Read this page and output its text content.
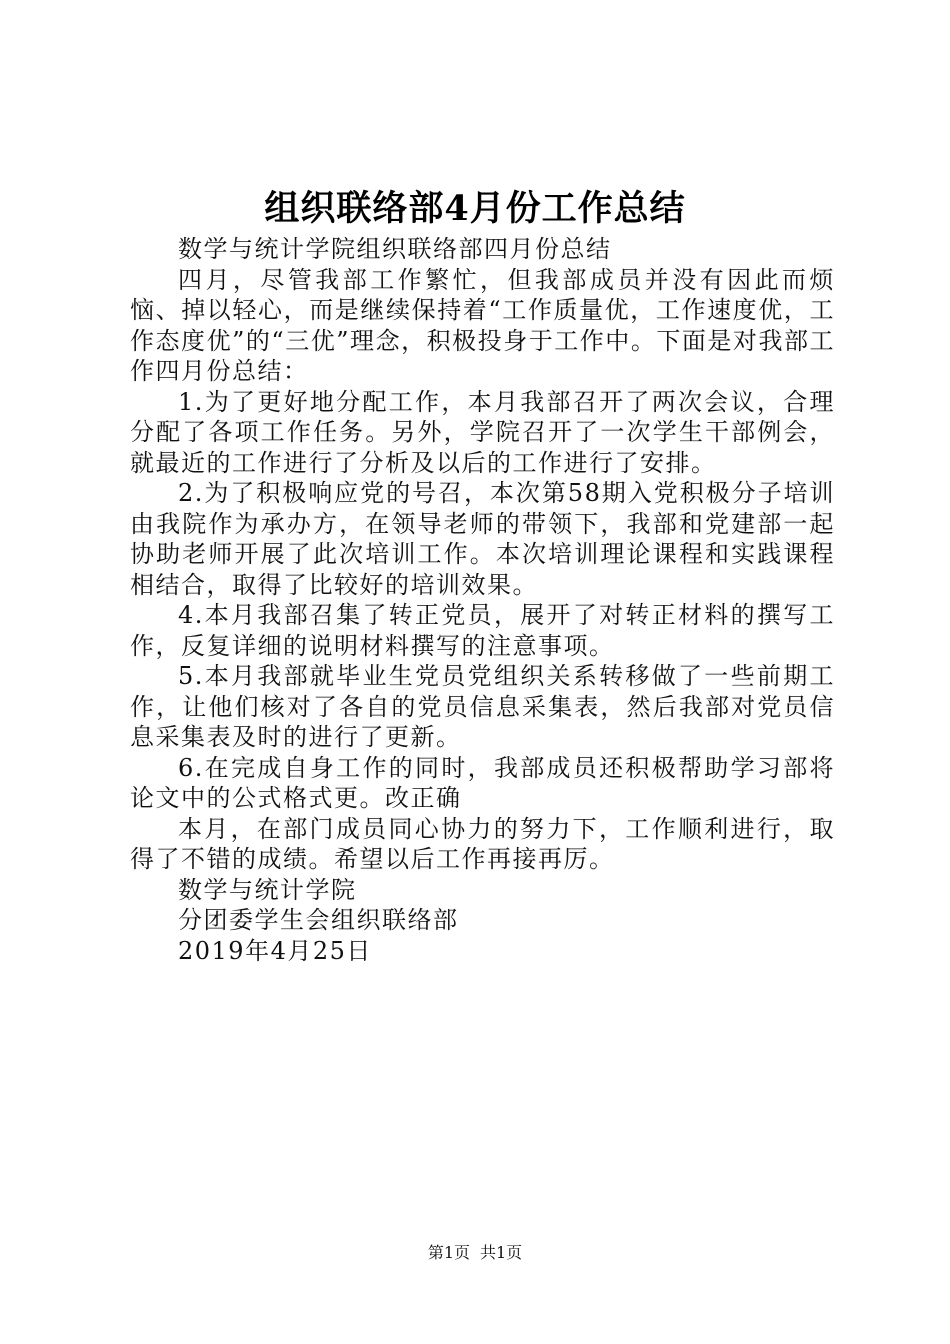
组织联络部4月份工作总结

数学与统计学院组织联络部四月份总结

四月，尽管我部工作繁忙，但我部成员并没有因此而烦恼、掉以轻心，而是继续保持着“工作质量优，工作速度优，工作态度优”的“三优”理念，积极投身于工作中。下面是对我部工作四月份总结：

1.为了更好地分配工作，本月我部召开了两次会议，合理分配了各项工作任务。另外，学院召开了一次学生干部例会，就最近的工作进行了分析及以后的工作进行了安排。

2.为了积极响应党的号召，本次第58期入党积极分子培训由我院作为承办方，在领导老师的带领下，我部和党建部一起协助老师开展了此次培训工作。本次培训理论课程和实践课程相结合，取得了比较好的培训效果。

4.本月我部召集了转正党员，展开了对转正材料的撰写工作，反复详细的说明材料撰写的注意事项。

5.本月我部就毕业生党员党组织关系转移做了一些前期工作，让他们核对了各自的党员信息采集表，然后我部对党员信息采集表及时的进行了更新。

6.在完成自身工作的同时，我部成员还积极帮助学习部将论文中的公式格式更。改正确

本月，在部门成员同心协力的努力下，工作顺利进行，取得了不错的成绩。希望以后工作再接再厉。

数学与统计学院

分团委学生会组织联络部

2019年4月25日

第1页 共1页
